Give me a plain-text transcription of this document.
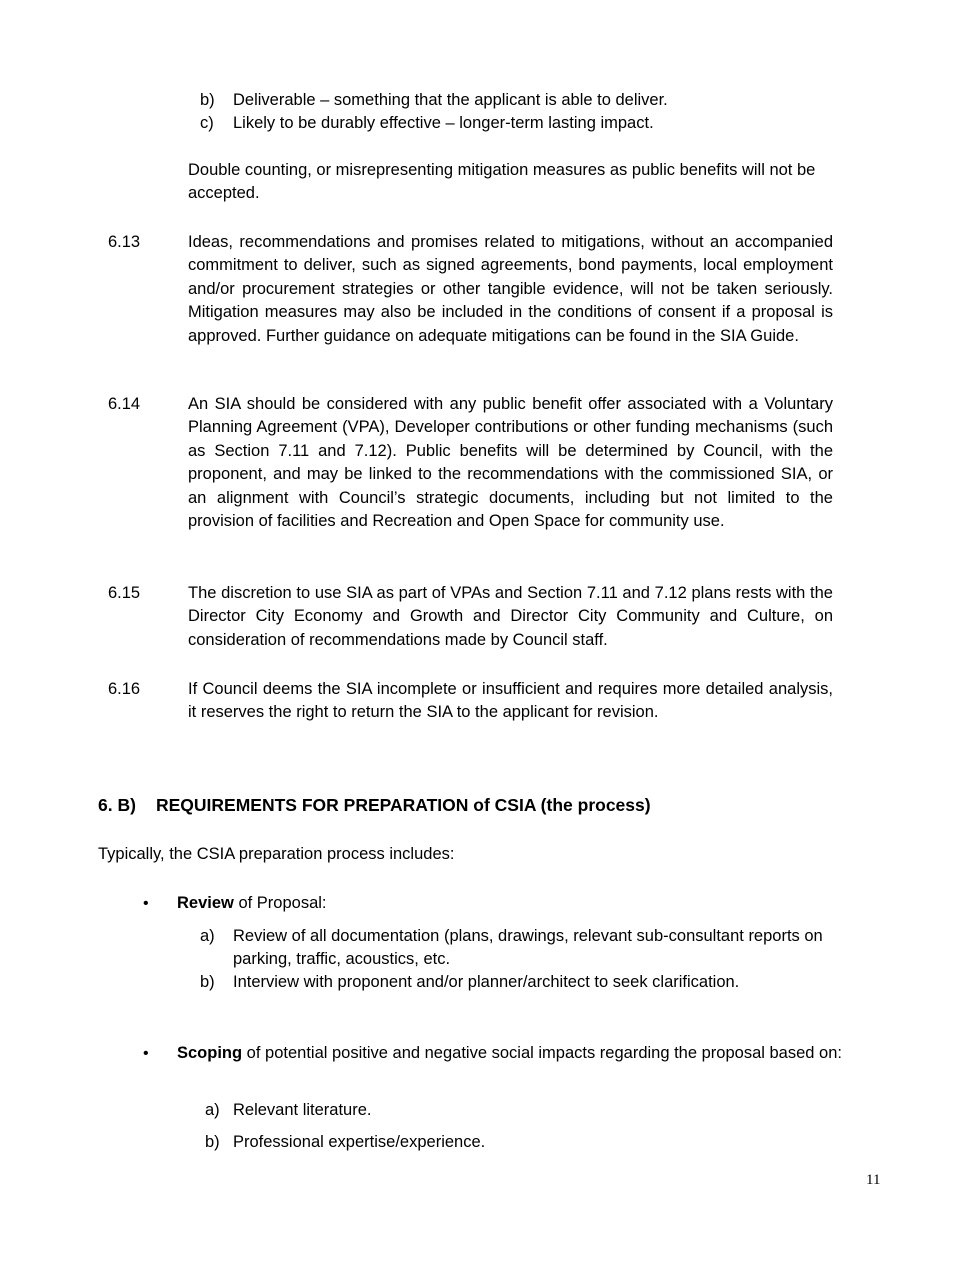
b) Deliverable – something that the applicant is able to deliver.
c) Likely to be durably effective – longer-term lasting impact.
Double counting, or misrepresenting mitigation measures as public benefits will not be accepted.
6.13	Ideas, recommendations and promises related to mitigations, without an accompanied commitment to deliver, such as signed agreements, bond payments, local employment and/or procurement strategies or other tangible evidence, will not be taken seriously. Mitigation measures may also be included in the conditions of consent if a proposal is approved. Further guidance on adequate mitigations can be found in the SIA Guide.
6.14	An SIA should be considered with any public benefit offer associated with a Voluntary Planning Agreement (VPA), Developer contributions or other funding mechanisms (such as Section 7.11 and 7.12). Public benefits will be determined by Council, with the proponent, and may be linked to the recommendations with the commissioned SIA, or an alignment with Council’s strategic documents, including but not limited to the provision of facilities and Recreation and Open Space for community use.
6.15	The discretion to use SIA as part of VPAs and Section 7.11 and 7.12 plans rests with the Director City Economy and Growth and Director City Community and Culture, on consideration of recommendations made by Council staff.
6.16	If Council deems the SIA incomplete or insufficient and requires more detailed analysis, it reserves the right to return the SIA to the applicant for revision.
6. B) REQUIREMENTS FOR PREPARATION of CSIA (the process)
Typically, the CSIA preparation process includes:
• Review of Proposal:
a) Review of all documentation (plans, drawings, relevant sub-consultant reports on parking, traffic, acoustics, etc.
b) Interview with proponent and/or planner/architect to seek clarification.
• Scoping of potential positive and negative social impacts regarding the proposal based on:
a) Relevant literature.
b) Professional expertise/experience.
11
